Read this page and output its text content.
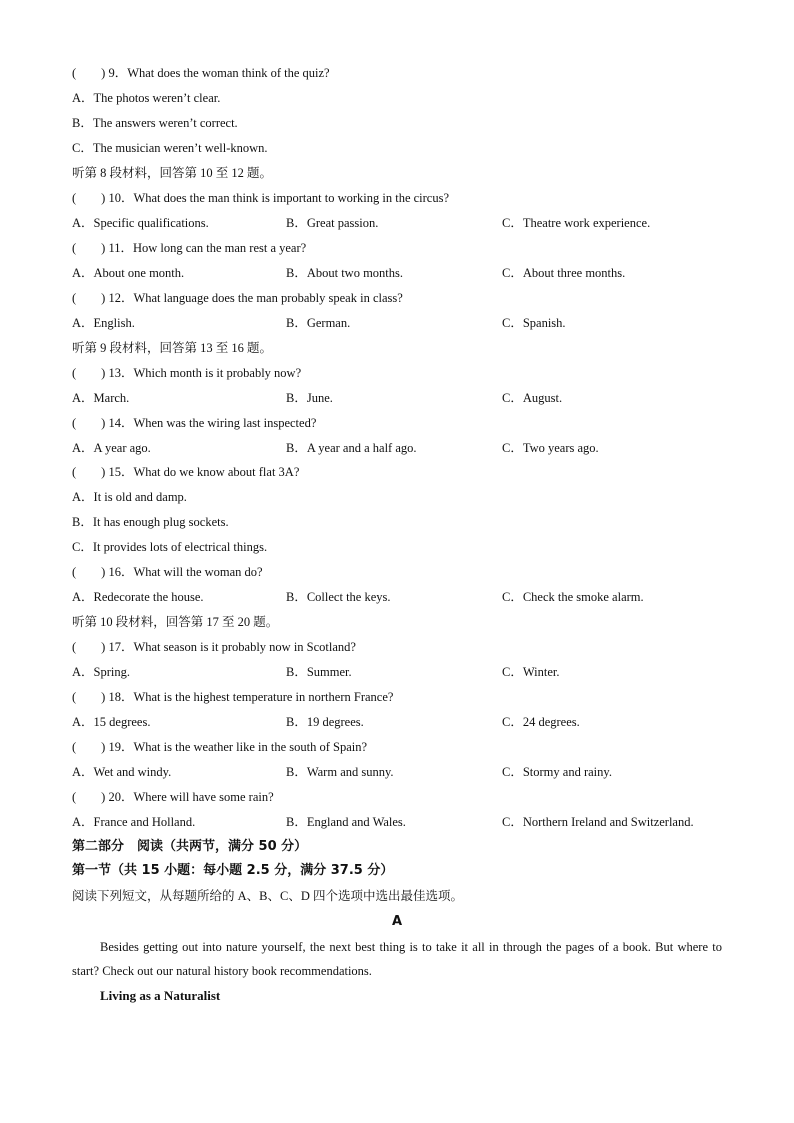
(　　) 9．What does the woman think of the quiz?
A．The photos weren’t clear.
B．The answers weren’t correct.
C．The musician weren’t well-known.
听第 8 段材料，回答第 10 至 12 题。
(　　) 10．What does the man think is important to working in the circus?
A．Specific qualifications.	B．Great passion.	C．Theatre work experience.
(　　) 11．How long can the man rest a year?
A．About one month.	B．About two months.	C．About three months.
(　　) 12．What language does the man probably speak in class?
A．English.	B．German.	C．Spanish.
听第 9 段材料，回答第 13 至 16 题。
(　　) 13．Which month is it probably now?
A．March.	B．June.	C．August.
(　　) 14．When was the wiring last inspected?
A．A year ago.	B．A year and a half ago.	C．Two years ago.
(　　) 15．What do we know about flat 3A?
A．It is old and damp.
B．It has enough plug sockets.
C．It provides lots of electrical things.
(　　) 16．What will the woman do?
A．Redecorate the house.	B．Collect the keys.	C．Check the smoke alarm.
听第 10 段材料，回答第 17 至 20 题。
(　　) 17．What season is it probably now in Scotland?
A．Spring.	B．Summer.	C．Winter.
(　　) 18．What is the highest temperature in northern France?
A．15 degrees.	B．19 degrees.	C．24 degrees.
(　　) 19．What is the weather like in the south of Spain?
A．Wet and windy.	B．Warm and sunny.	C．Stormy and rainy.
(　　) 20．Where will have some rain?
A．France and Holland.	B．England and Wales.	C．Northern Ireland and Switzerland.
第二部分　阅读（共两节，满分 50 分）
第一节（共 15 小题：每小题 2.5 分，满分 37.5 分）
阅读下列短文，从每题所给的 A、B、C、D 四个选项中选出最佳选项。
A
Besides getting out into nature yourself, the next best thing is to take it all in through the pages of a book. But where to start? Check out our natural history book recommendations.
Living as a Naturalist
